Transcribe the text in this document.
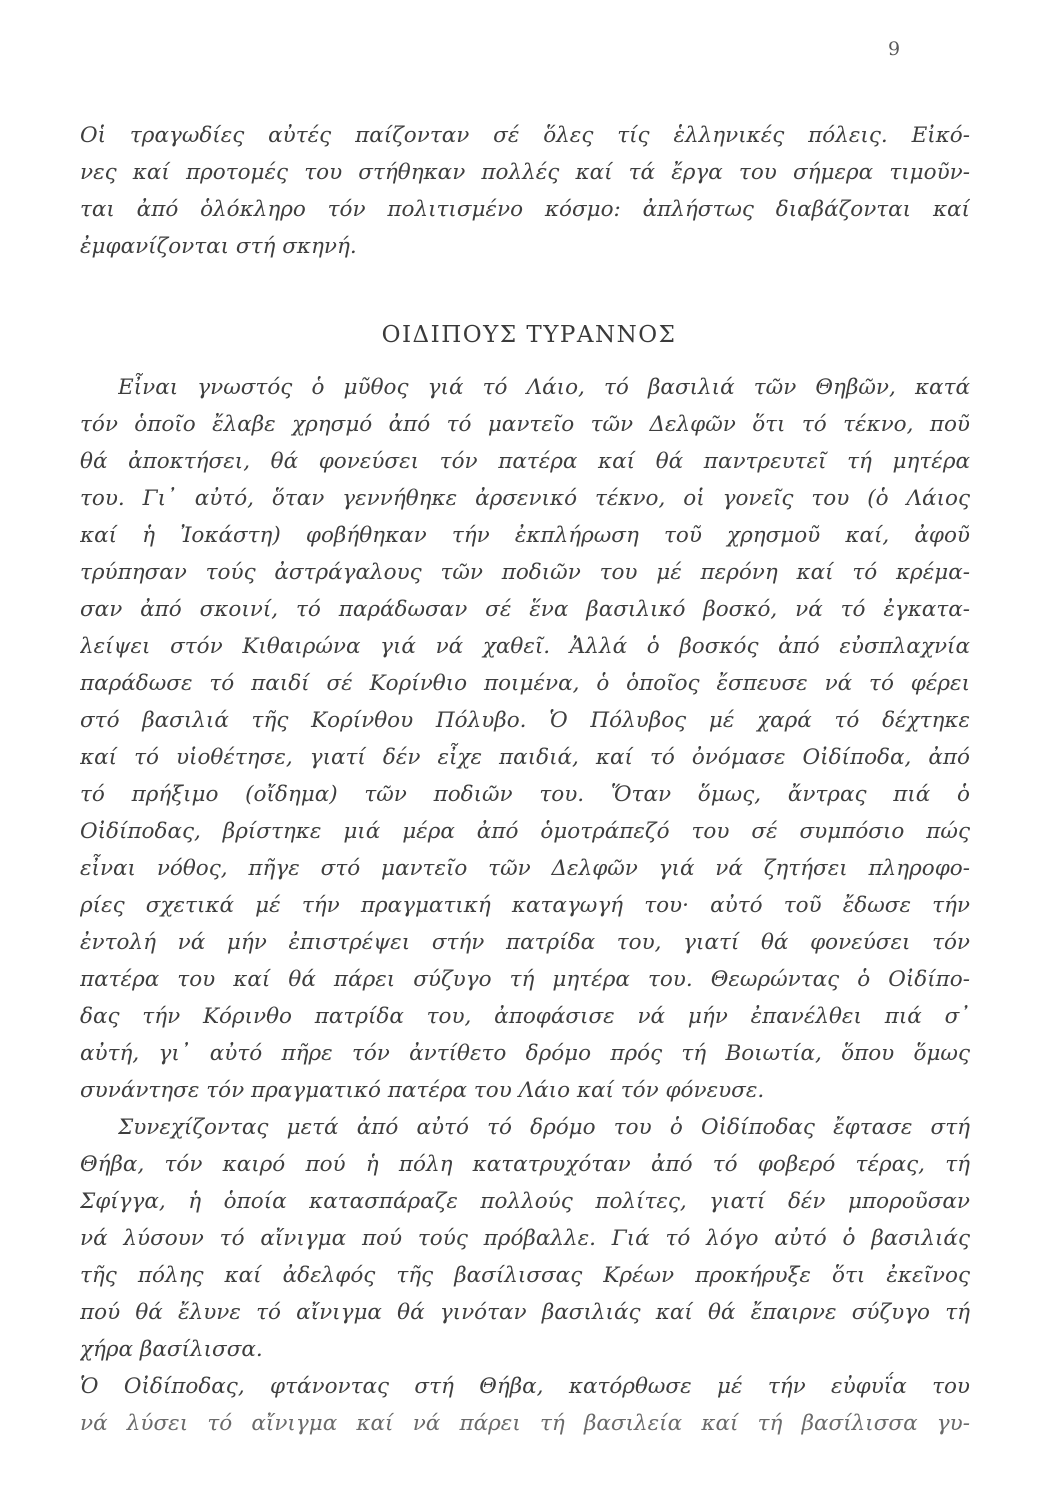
9
Οἱ τραγωδίες αὐτές παίζονταν σέ ὅλες τίς ἑλληνικές πόλεις. Εἰκό-
νες καί προτομές του στήθηκαν πολλές καί τά ἔργα του σήμερα τιμοῦν-
ται ἀπό ὁλόκληρο τόν πολιτισμένο κόσμο: ἀπλήστως διαβάζονται καί
ἐμφανίζονται στή σκηνή.
ΟΙΔΙΠΟΥΣ ΤΥΡΑΝΝΟΣ
Εἶναι γνωστός ὁ μῦθος γιά τό Λάιο, τό βασιλιά τῶν Θηβῶν, κατά
τόν ὁποῖο ἔλαβε χρησμό ἀπό τό μαντεῖο τῶν Δελφῶν ὅτι τό τέκνο, ποῦ
θά ἀποκτήσει, θά φονεύσει τόν πατέρα καί θά παντρευτεῖ τή μητέρα
του. Γι᾽ αὐτό, ὅταν γεννήθηκε ἀρσενικό τέκνο, οἱ γονεῖς του (ὁ Λάιος
καί ἡ Ἰοκάστη) φοβήθηκαν τήν ἐκπλήρωση τοῦ χρησμοῦ καί, ἀφοῦ
τρύπησαν τούς ἀστράγαλους τῶν ποδιῶν του μέ περόνη καί τό κρέμα-
σαν ἀπό σκοινί, τό παράδωσαν σέ ἕνα βασιλικό βοσκό, νά τό ἐγκατα-
λείψει στόν Κιθαιρώνα γιά νά χαθεῖ. Ἀλλά ὁ βοσκός ἀπό εὐσπλαχνία
παράδωσε τό παιδί σέ Κορίνθιο ποιμένα, ὁ ὁποῖος ἔσπευσε νά τό φέρει
στό βασιλιά τῆς Κορίνθου Πόλυβο. Ὁ Πόλυβος μέ χαρά τό δέχτηκε
καί τό υἱοθέτησε, γιατί δέν εἶχε παιδιά, καί τό ὀνόμασε Οἰδίποδα, ἀπό
τό πρήξιμο (οἴδημα) τῶν ποδιῶν του. Ὅταν ὅμως, ἄντρας πιά ὁ
Οἰδίποδας, βρίστηκε μιά μέρα ἀπό ὁμοτράπεζό του σέ συμπόσιο πώς
εἶναι νόθος, πῆγε στό μαντεῖο τῶν Δελφῶν γιά νά ζητήσει πληροφο-
ρίες σχετικά μέ τήν πραγματική καταγωγή του· αὐτό τοῦ ἔδωσε τήν
ἐντολή νά μήν ἐπιστρέψει στήν πατρίδα του, γιατί θά φονεύσει τόν
πατέρα του καί θά πάρει σύζυγο τή μητέρα του. Θεωρώντας ὁ Οἰδίπο-
δας τήν Κόρινθο πατρίδα του, ἀποφάσισε νά μήν ἐπανέλθει πιά σ᾽
αὐτή, γι᾽ αὐτό πῆρε τόν ἀντίθετο δρόμο πρός τή Βοιωτία, ὅπου ὅμως
συνάντησε τόν πραγματικό πατέρα του Λάιο καί τόν φόνευσε.
Συνεχίζοντας μετά ἀπό αὐτό τό δρόμο του ὁ Οἰδίποδας ἔφτασε στή
Θήβα, τόν καιρό πού ἡ πόλη κατατρυχόταν ἀπό τό φοβερό τέρας, τή
Σφίγγα, ἡ ὁποία κατασπάραζε πολλούς πολίτες, γιατί δέν μποροῦσαν
νά λύσουν τό αἴνιγμα πού τούς πρόβαλλε. Γιά τό λόγο αὐτό ὁ βασιλιάς
τῆς πόλης καί ἀδελφός τῆς βασίλισσας Κρέων προκήρυξε ὅτι ἐκεῖνος
πού θά ἔλυνε τό αἴνιγμα θά γινόταν βασιλιάς καί θά ἔπαιρνε σύζυγο τή
χήρα βασίλισσα.
Ὁ Οἰδίποδας, φτάνοντας στή Θήβα, κατόρθωσε μέ τήν εὐφυΐα του
νά λύσει τό αἴνιγμα καί νά πάρει τή βασιλεία καί τή βασίλισσα γυ-
